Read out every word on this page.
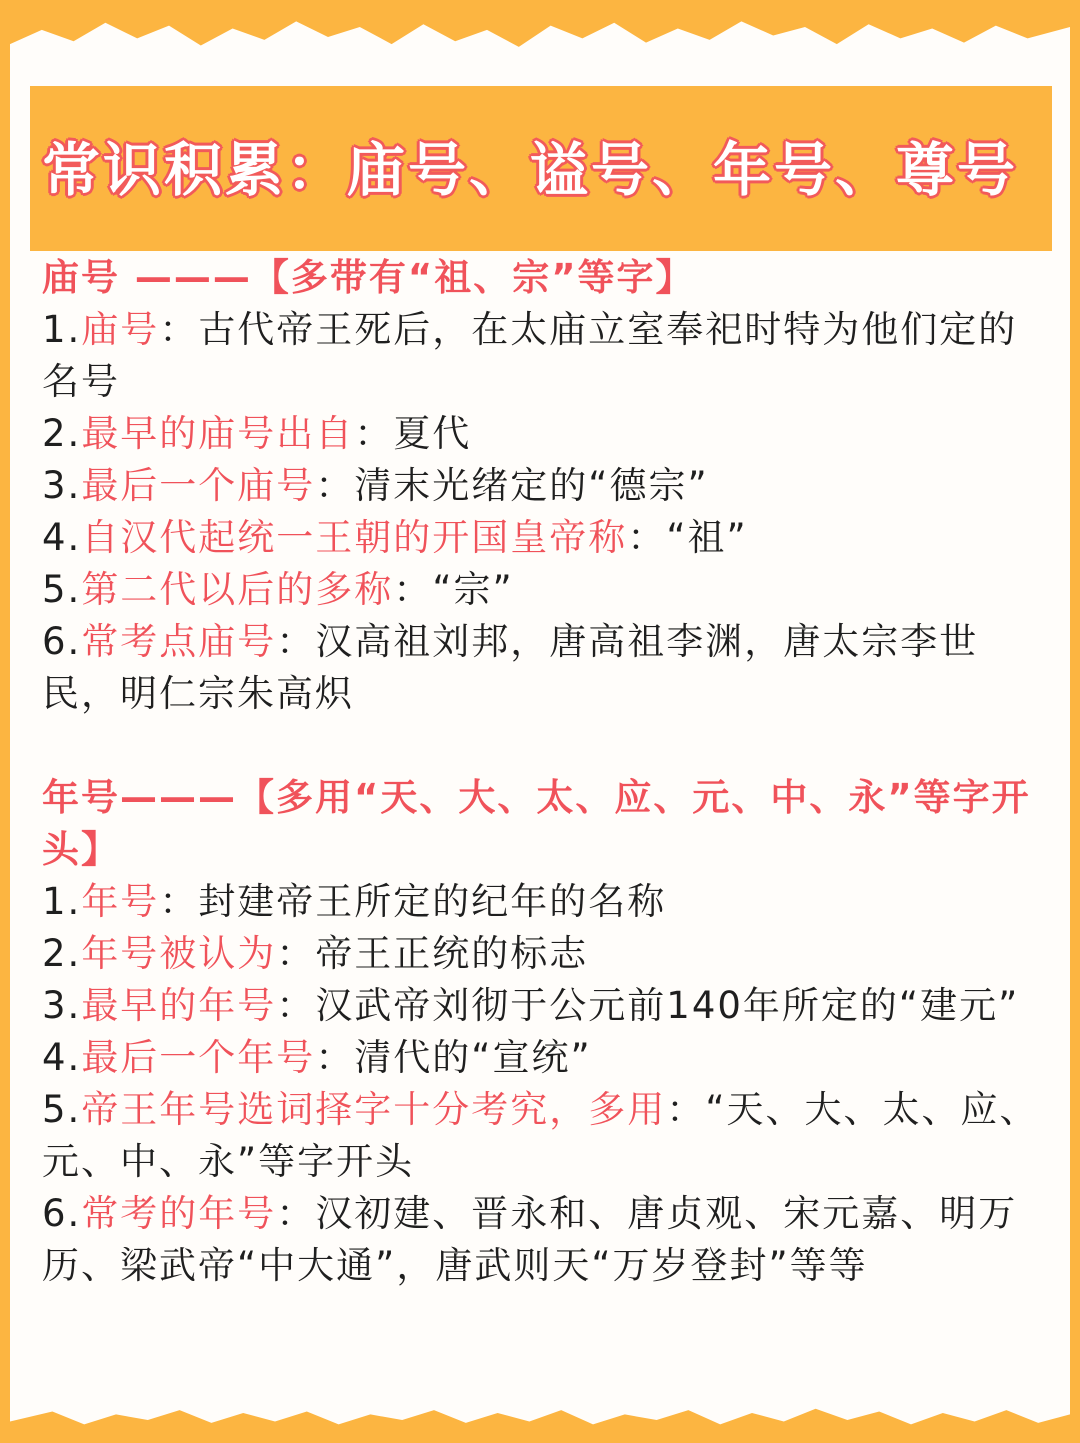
常识积累：庙号、谥号、年号、尊号

庙号 ———【多带有“祖、宗”等字】

1.庙号：古代帝王死后，在太庙立室奉祀时特为他们定的名号

2.最早的庙号出自：夏代

3.最后一个庙号：清末光绪定的“德宗”

4.自汉代起统一王朝的开国皇帝称：“祖”

5.第二代以后的多称：“宗”

6.常考点庙号：汉高祖刘邦，唐高祖李渊，唐太宗李世民，明仁宗朱高炽

年号———【多用“天、大、太、应、元、中、永”等字开头】

1.年号：封建帝王所定的纪年的名称

2.年号被认为：帝王正统的标志

3.最早的年号：汉武帝刘彻于公元前140年所定的“建元”

4.最后一个年号：清代的“宣统”

5.帝王年号选词择字十分考究，多用：“天、大、太、应、元、中、永”等字开头

6.常考的年号：汉初建、晋永和、唐贞观、宋元嘉、明万历、梁武帝“中大通”，唐武则天“万岁登封”等等
